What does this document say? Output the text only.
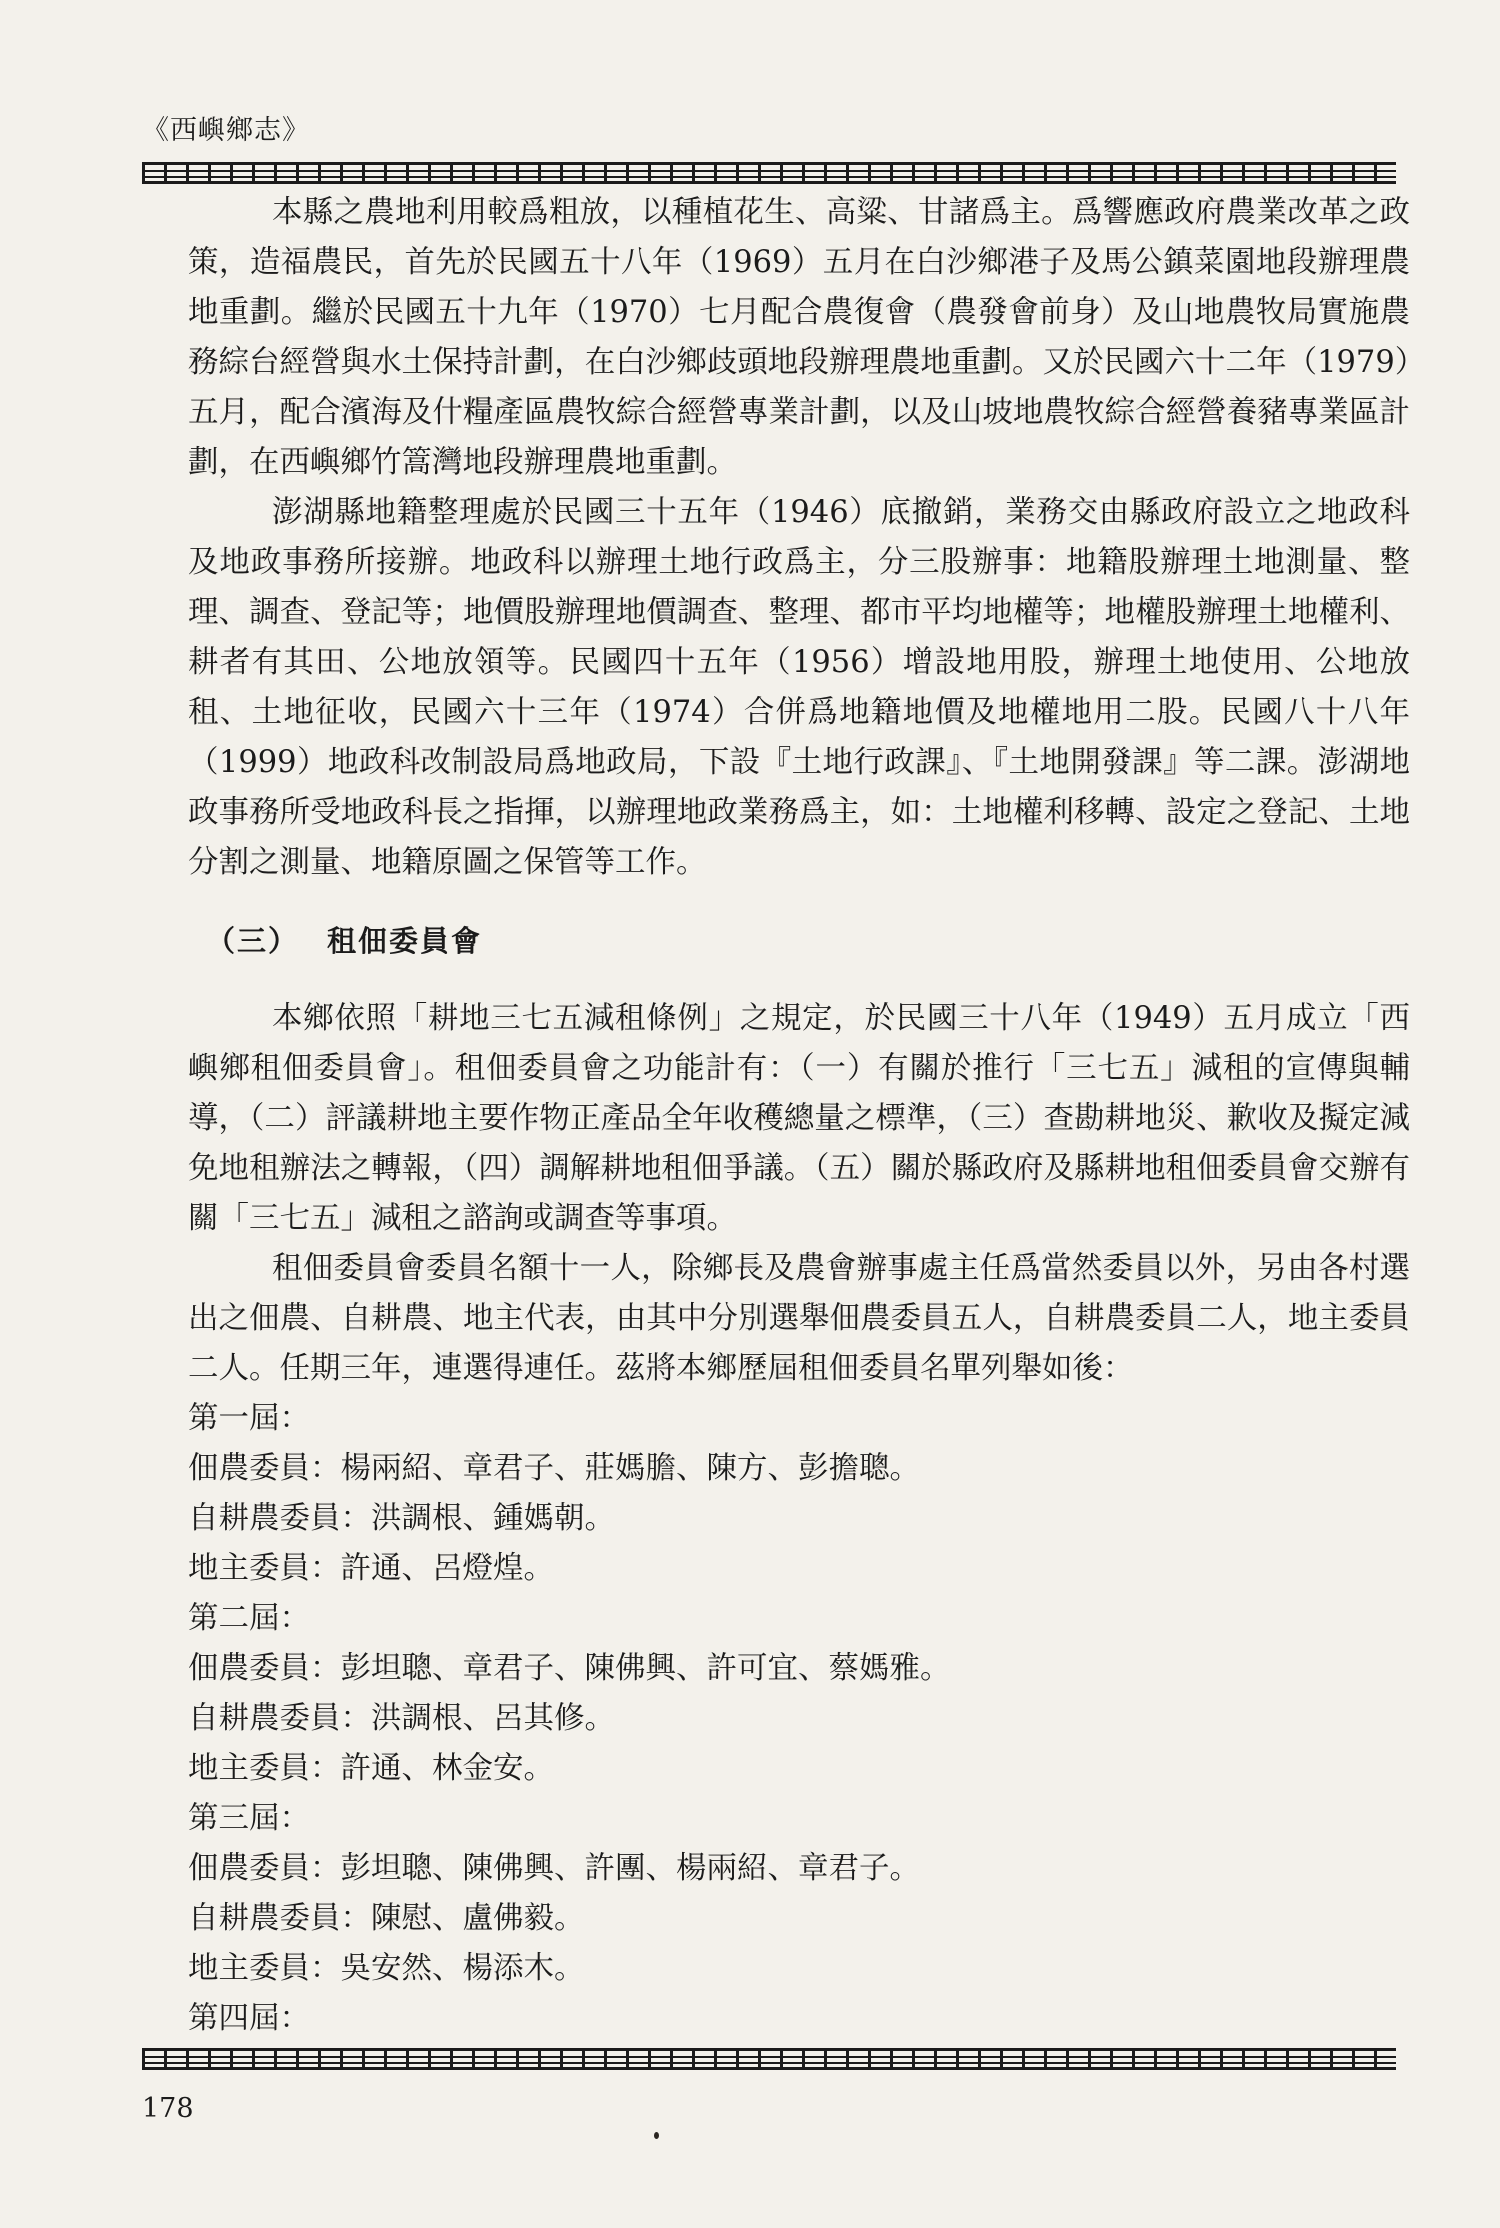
《西嶼鄉志》

本縣之農地利用較爲粗放，以種植花生、高粱、甘諸爲主。爲響應政府農業改革之政策，造福農民，首先於民國五十八年（1969）五月在白沙鄉港子及馬公鎮菜園地段辦理農地重劃。繼於民國五十九年（1970）七月配合農復會（農發會前身）及山地農牧局實施農務綜台經營與水土保持計劃，在白沙鄉歧頭地段辦理農地重劃。又於民國六十二年（1979）五月，配合濱海及什糧產區農牧綜合經營專業計劃，以及山坡地農牧綜合經營養豬專業區計劃，在西嶼鄉竹篙灣地段辦理農地重劃。

澎湖縣地籍整理處於民國三十五年（1946）底撤銷，業務交由縣政府設立之地政科及地政事務所接辦。地政科以辦理土地行政爲主，分三股辦事：地籍股辦理土地測量、整理、調查、登記等；地價股辦理地價調查、整理、都市平均地權等；地權股辦理土地權利、耕者有其田、公地放領等。民國四十五年（1956）增設地用股，辦理土地使用、公地放租、土地征收，民國六十三年（1974）合併爲地籍地價及地權地用二股。民國八十八年（1999）地政科改制設局爲地政局，下設『土地行政課』、『土地開發課』等二課。澎湖地政事務所受地政科長之指揮，以辦理地政業務爲主，如：土地權利移轉、設定之登記、土地分割之測量、地籍原圖之保管等工作。

（三） 租佃委員會

本鄉依照「耕地三七五減租條例」之規定，於民國三十八年（1949）五月成立「西嶼鄉租佃委員會」。租佃委員會之功能計有：（一）有關於推行「三七五」減租的宣傳與輔導，（二）評議耕地主要作物正產品全年收穫總量之標準，（三）查勘耕地災、歉收及擬定減免地租辦法之轉報，（四）調解耕地租佃爭議。（五）關於縣政府及縣耕地租佃委員會交辦有關「三七五」減租之諮詢或調查等事項。

租佃委員會委員名額十一人，除鄉長及農會辦事處主任爲當然委員以外，另由各村選出之佃農、自耕農、地主代表，由其中分別選舉佃農委員五人，自耕農委員二人，地主委員二人。任期三年，連選得連任。茲將本鄉歷屆租佃委員名單列舉如後：

第一屆：

佃農委員：楊兩紹、章君子、莊媽膽、陳方、彭擔聰。

自耕農委員：洪調根、鍾媽朝。

地主委員：許通、呂燈煌。

第二屆：

佃農委員：彭坦聰、章君子、陳佛興、許可宜、蔡媽雅。

自耕農委員：洪調根、呂其修。

地主委員：許通、林金安。

第三屆：

佃農委員：彭坦聰、陳佛興、許團、楊兩紹、章君子。

自耕農委員：陳慰、盧佛毅。

地主委員：吳安然、楊添木。

第四屆：

178
